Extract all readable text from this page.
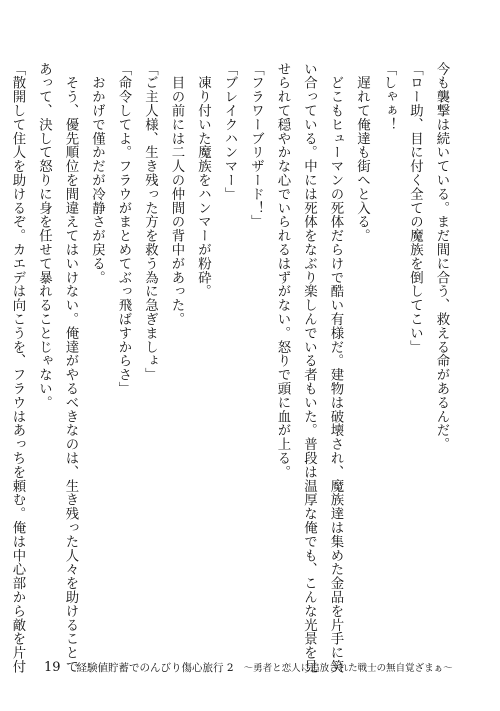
今も襲撃は続いている。まだ間に合う、救える命があるんだ。
「ロー助、目に付く全ての魔族を倒してこい」
「しゃぁ！
　遅れて俺達も街へと入る。
　どこもヒューマンの死体だらけで酷い有様だ。建物は破壊され、魔族達は集めた金品を片手に笑
い合っている。中には死体をなぶり楽しんでいる者もいた。普段は温厚な俺でも、こんな光景を見
せられて穏やかな心でいられるはずがない。怒りで頭に血が上る。
「フラワーブリザード！」
「ブレイクハンマー」
　凍り付いた魔族をハンマーが粉砕。
　目の前には二人の仲間の背中があった。
「ご主人様、生き残った方を救う為に急ぎましょ」
「命令してよ。フラウがまとめてぶっ飛ばすからさ」
　おかげで僅かだが冷静さが戻る。
　そう、優先順位を間違えてはいけない。俺達がやるべきなのは、生き残った人々を助けることで
あって、決して怒りに身を任せて暴れることじゃない。
「散開して住人を助けるぞ。カエデは向こうを、フラウはあっちを頼む。俺は中心部から敵を片付	19 経験値貯蓄でのんびり傷心旅行 2 〜勇者と恋人に追放された戦士の無自覚ざまぁ〜
